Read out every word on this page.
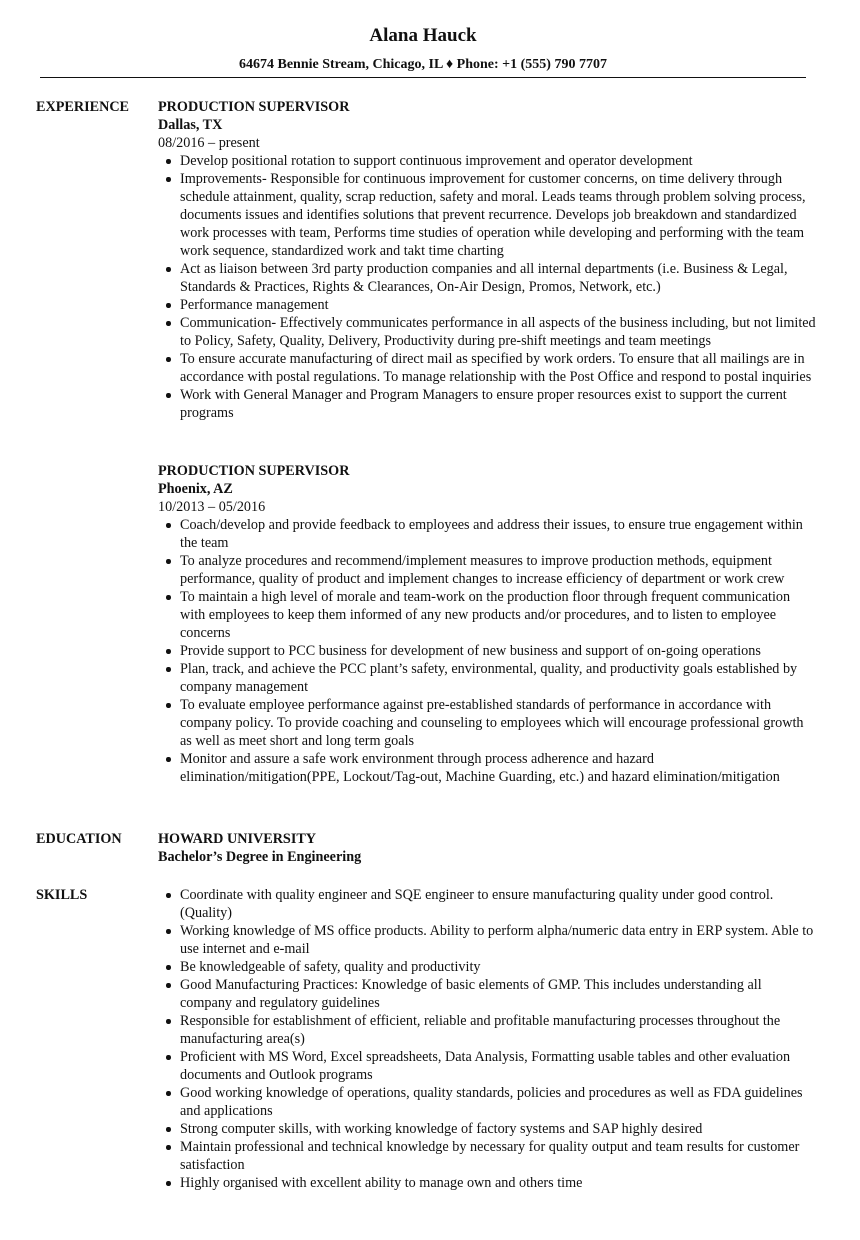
Alana Hauck
64674 Bennie Stream, Chicago, IL ♦ Phone: +1 (555) 790 7707
EXPERIENCE	PRODUCTION SUPERVISOR
Dallas, TX
08/2016 – present
Develop positional rotation to support continuous improvement and operator development
Improvements- Responsible for continuous improvement for customer concerns, on time delivery through schedule attainment, quality, scrap reduction, safety and moral. Leads teams through problem solving process, documents issues and identifies solutions that prevent recurrence. Develops job breakdown and standardized work processes with team, Performs time studies of operation while developing and performing with the team work sequence, standardized work and takt time charting
Act as liaison between 3rd party production companies and all internal departments (i.e. Business & Legal, Standards & Practices, Rights & Clearances, On-Air Design, Promos, Network, etc.)
Performance management
Communication- Effectively communicates performance in all aspects of the business including, but not limited to Policy, Safety, Quality, Delivery, Productivity during pre-shift meetings and team meetings
To ensure accurate manufacturing of direct mail as specified by work orders. To ensure that all mailings are in accordance with postal regulations. To manage relationship with the Post Office and respond to postal inquiries
Work with General Manager and Program Managers to ensure proper resources exist to support the current programs
PRODUCTION SUPERVISOR
Phoenix, AZ
10/2013 – 05/2016
Coach/develop and provide feedback to employees and address their issues, to ensure true engagement within the team
To analyze procedures and recommend/implement measures to improve production methods, equipment performance, quality of product and implement changes to increase efficiency of department or work crew
To maintain a high level of morale and team-work on the production floor through frequent communication with employees to keep them informed of any new products and/or procedures, and to listen to employee concerns
Provide support to PCC business for development of new business and support of on-going operations
Plan, track, and achieve the PCC plant’s safety, environmental, quality, and productivity goals established by company management
To evaluate employee performance against pre-established standards of performance in accordance with company policy. To provide coaching and counseling to employees which will encourage professional growth as well as meet short and long term goals
Monitor and assure a safe work environment through process adherence and hazard elimination/mitigation(PPE, Lockout/Tag-out, Machine Guarding, etc.) and hazard elimination/mitigation
EDUCATION	HOWARD UNIVERSITY
Bachelor’s Degree in Engineering
SKILLS	Coordinate with quality engineer and SQE engineer to ensure manufacturing quality under good control. (Quality)
Working knowledge of MS office products. Ability to perform alpha/numeric data entry in ERP system. Able to use internet and e-mail
Be knowledgeable of safety, quality and productivity
Good Manufacturing Practices: Knowledge of basic elements of GMP. This includes understanding all company and regulatory guidelines
Responsible for establishment of efficient, reliable and profitable manufacturing processes throughout the manufacturing area(s)
Proficient with MS Word, Excel spreadsheets, Data Analysis, Formatting usable tables and other evaluation documents and Outlook programs
Good working knowledge of operations, quality standards, policies and procedures as well as FDA guidelines and applications
Strong computer skills, with working knowledge of factory systems and SAP highly desired
Maintain professional and technical knowledge by necessary for quality output and team results for customer satisfaction
Highly organised with excellent ability to manage own and others time
